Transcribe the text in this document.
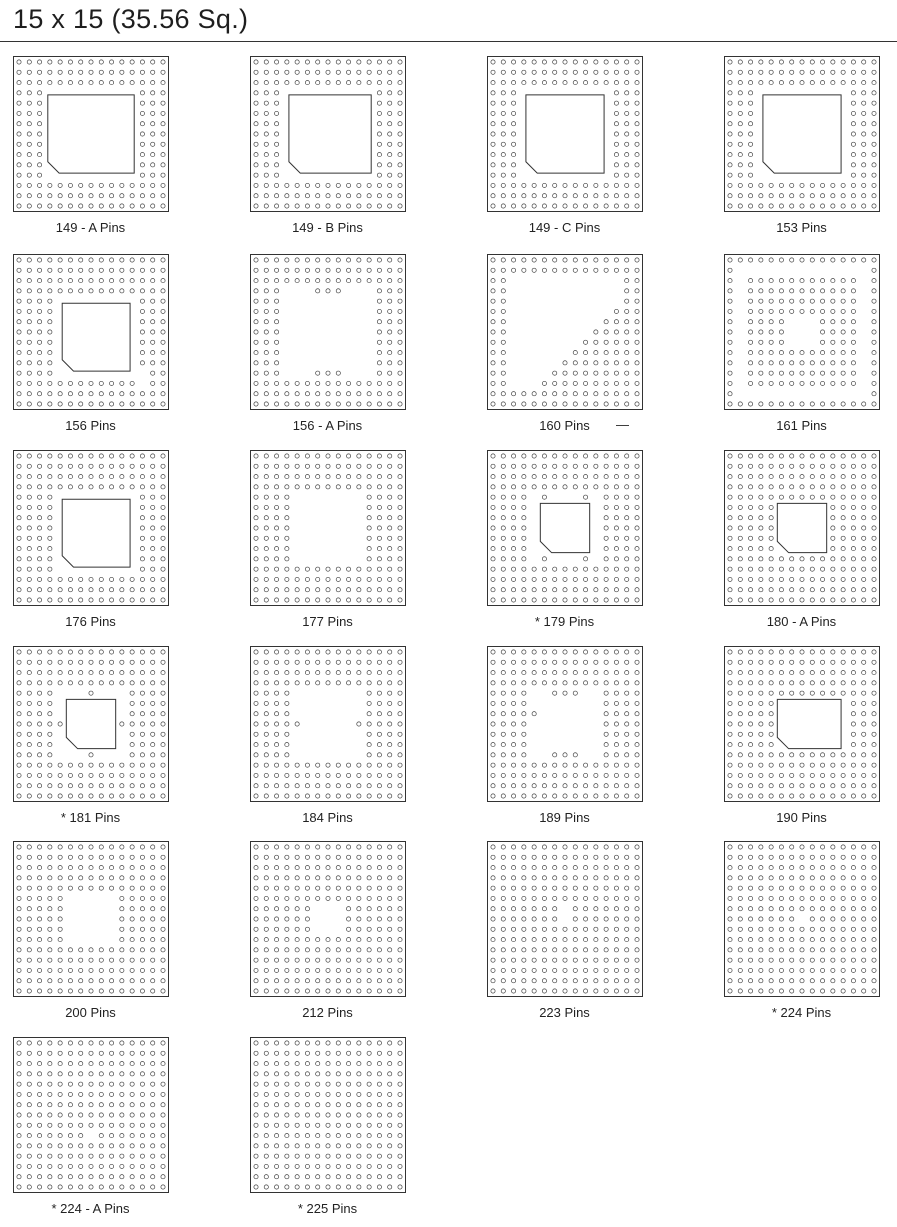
15 x 15 (35.56 Sq.)
149 - A Pins	149 - B Pins	149 - C Pins	153 Pins
156 Pins	156 - A Pins	160 Pins	—	161 Pins
176 Pins	177 Pins	* 179 Pins	180 - A Pins
* 181 Pins	184 Pins	189 Pins	190 Pins
200 Pins	212 Pins	223 Pins	* 224 Pins
* 224 - A Pins	* 225 Pins
